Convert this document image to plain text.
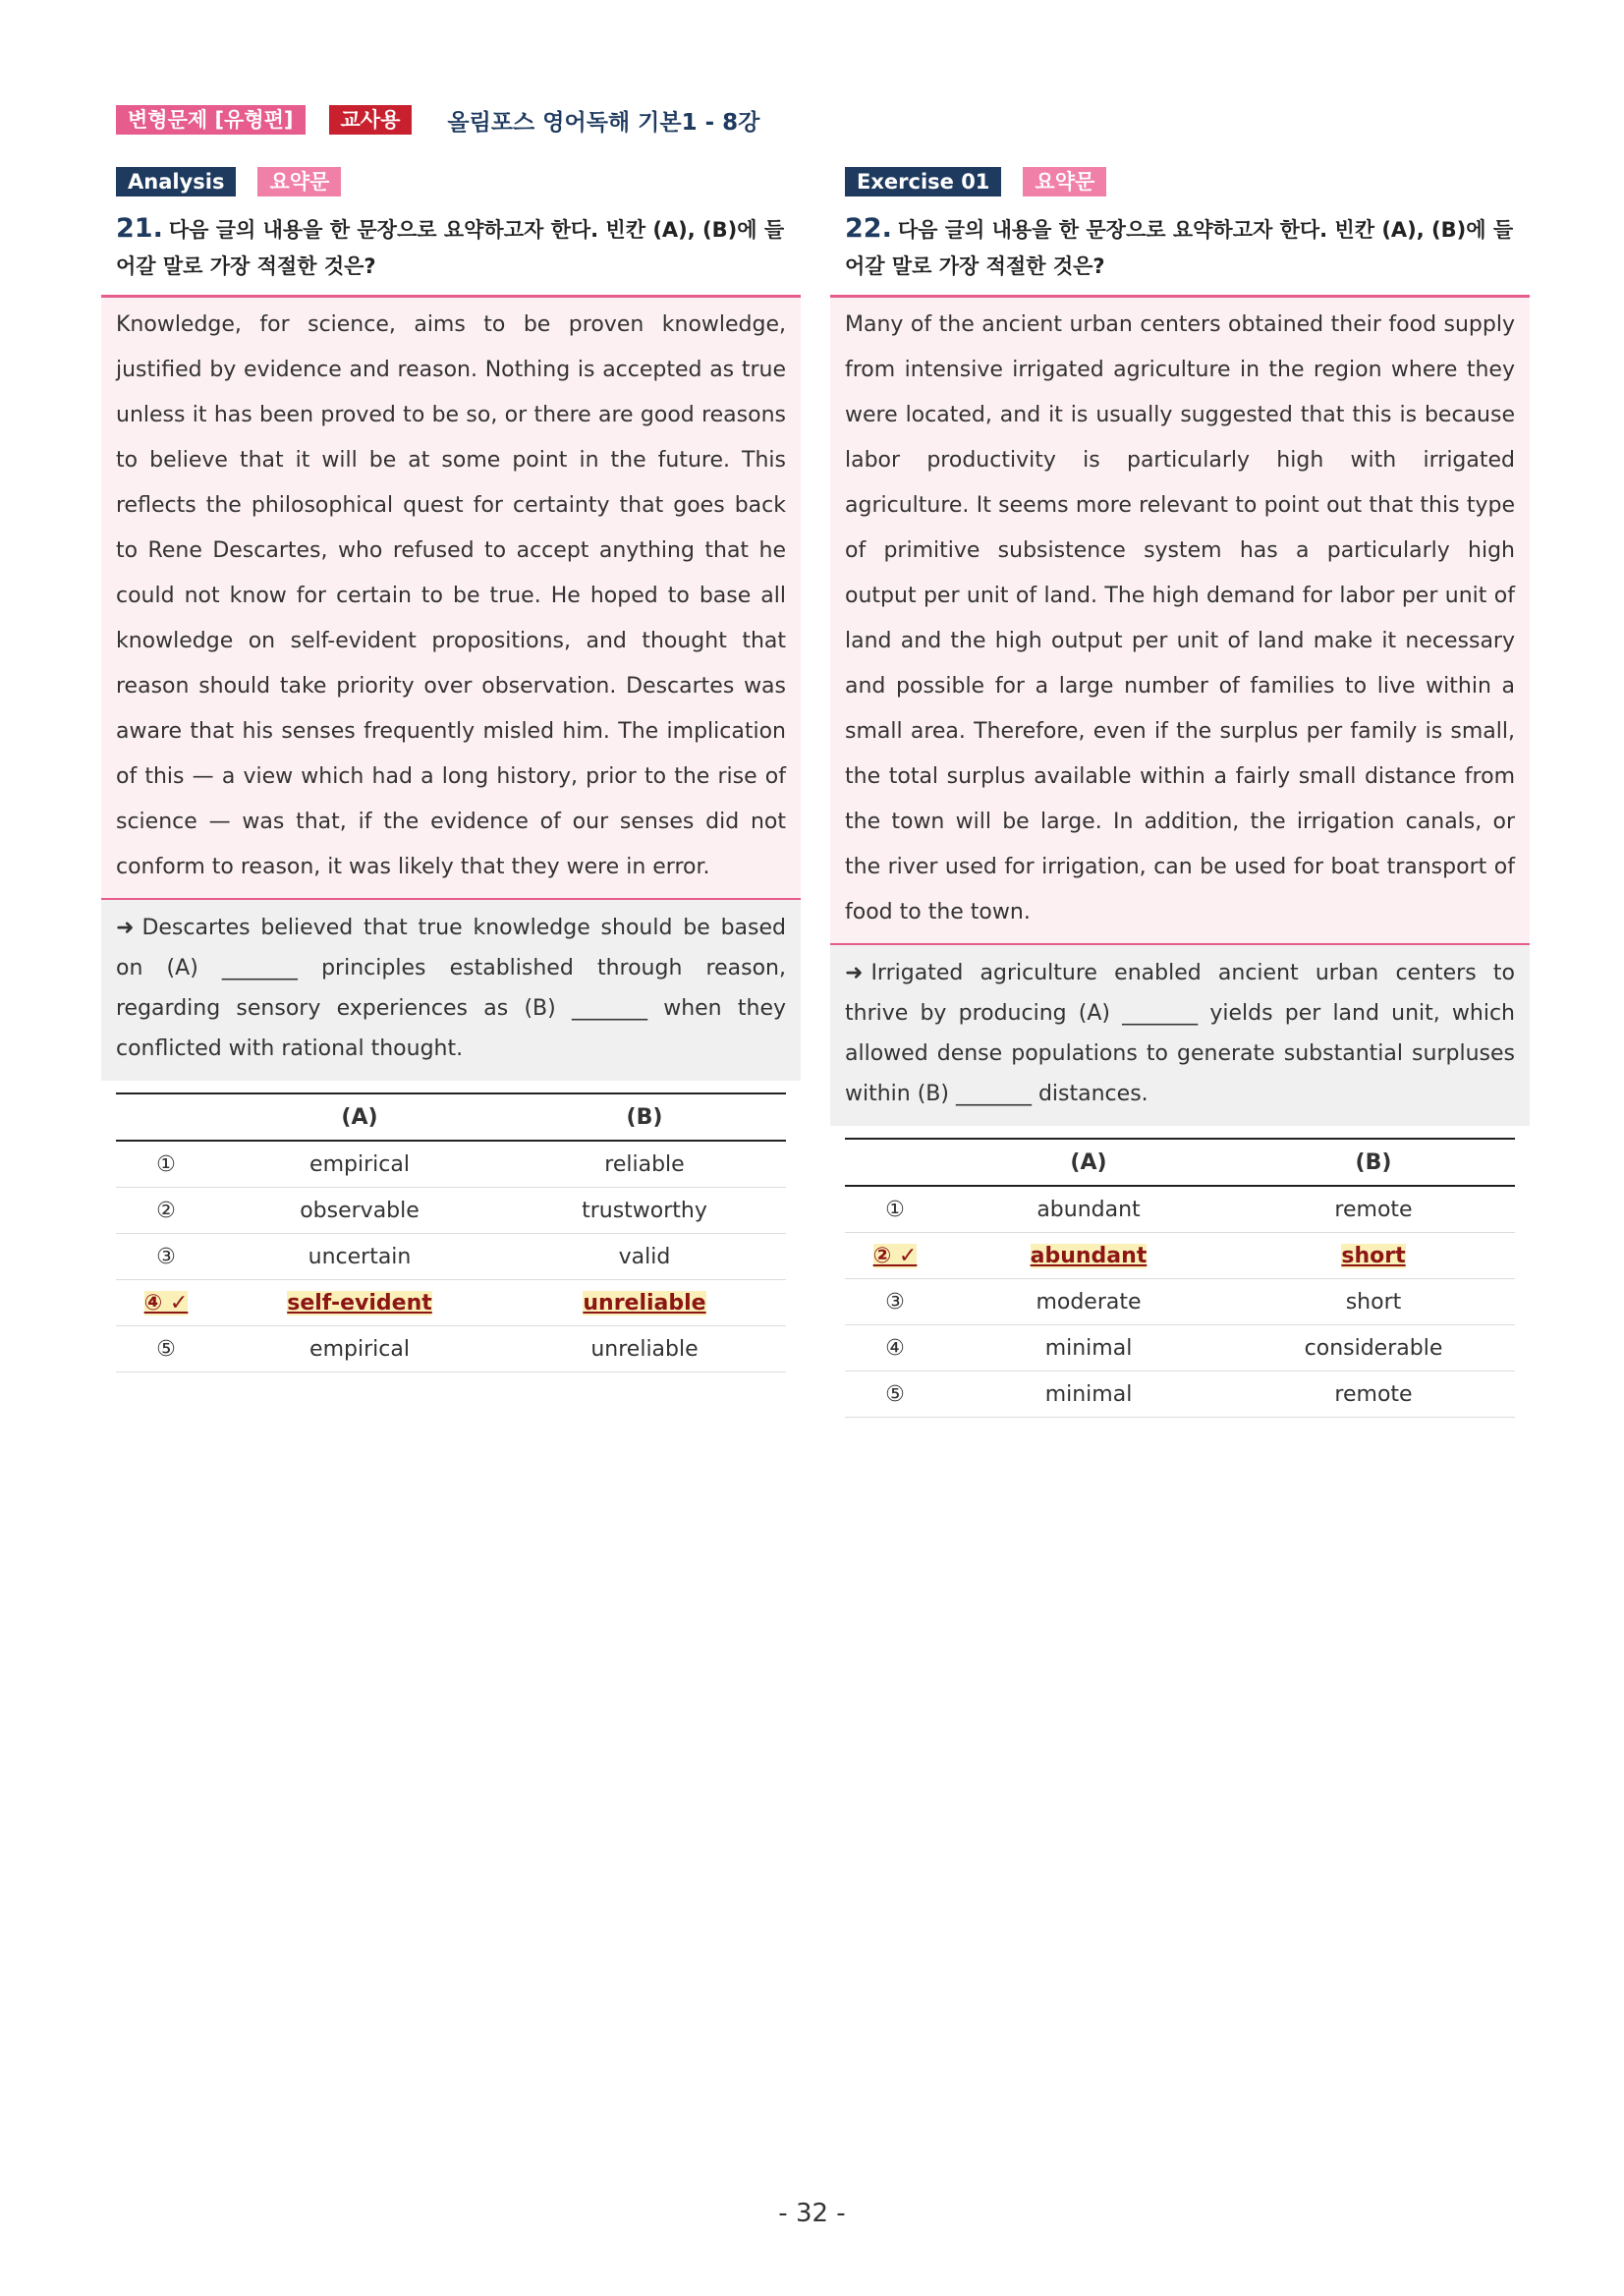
변형문제 [유형편]	교사용	올림포스 영어독해 기본1 - 8강
Analysis	요약문
21. 다음 글의 내용을 한 문장으로 요약하고자 한다. 빈칸 (A), (B)에 들어갈 말로 가장 적절한 것은?
Knowledge, for science, aims to be proven knowledge, justified by evidence and reason. Nothing is accepted as true unless it has been proved to be so, or there are good reasons to believe that it will be at some point in the future. This reflects the philosophical quest for certainty that goes back to Rene Descartes, who refused to accept anything that he could not know for certain to be true. He hoped to base all knowledge on self-evident propositions, and thought that reason should take priority over observation. Descartes was aware that his senses frequently misled him. The implication of this — a view which had a long history, prior to the rise of science — was that, if the evidence of our senses did not conform to reason, it was likely that they were in error.
➜ Descartes believed that true knowledge should be based on (A) _______ principles established through reason, regarding sensory experiences as (B) _______ when they conflicted with rational thought.
	(A)	(B)
①	empirical	reliable
②	observable	trustworthy
③	uncertain	valid
④ ✓	self-evident	unreliable
⑤	empirical	unreliable
Exercise 01	요약문
22. 다음 글의 내용을 한 문장으로 요약하고자 한다. 빈칸 (A), (B)에 들어갈 말로 가장 적절한 것은?
Many of the ancient urban centers obtained their food supply from intensive irrigated agriculture in the region where they were located, and it is usually suggested that this is because labor productivity is particularly high with irrigated agriculture. It seems more relevant to point out that this type of primitive subsistence system has a particularly high output per unit of land. The high demand for labor per unit of land and the high output per unit of land make it necessary and possible for a large number of families to live within a small area. Therefore, even if the surplus per family is small, the total surplus available within a fairly small distance from the town will be large. In addition, the irrigation canals, or the river used for irrigation, can be used for boat transport of food to the town.
➜ Irrigated agriculture enabled ancient urban centers to thrive by producing (A) _______ yields per land unit, which allowed dense populations to generate substantial surpluses within (B) _______ distances.
	(A)	(B)
①	abundant	remote
② ✓	abundant	short
③	moderate	short
④	minimal	considerable
⑤	minimal	remote
- 32 -
